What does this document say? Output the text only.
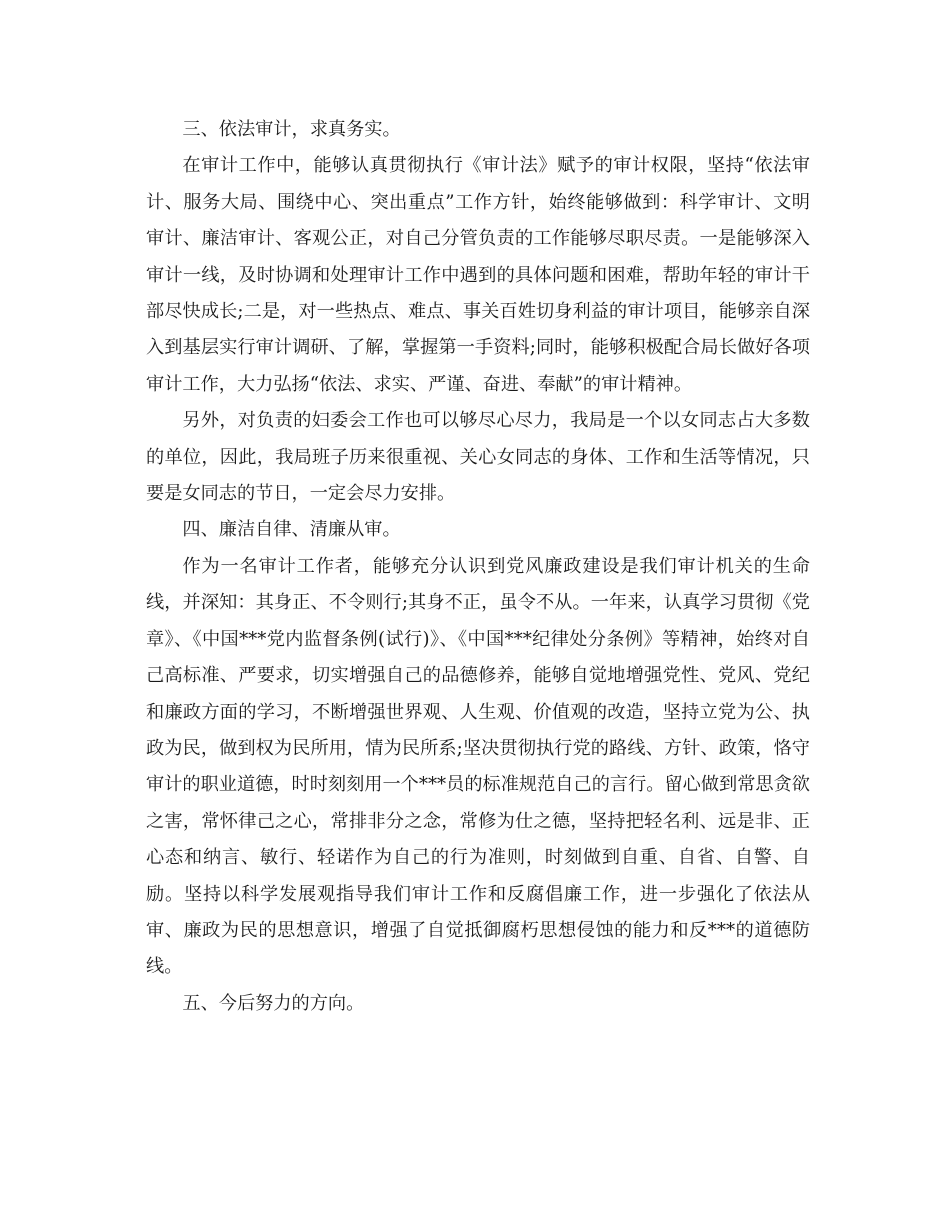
三、依法审计，求真务实。

在审计工作中，能够认真贯彻执行《审计法》赋予的审计权限，坚持“依法审计、服务大局、围绕中心、突出重点”工作方针，始终能够做到：科学审计、文明审计、廉洁审计、客观公正，对自己分管负责的工作能够尽职尽责。一是能够深入审计一线，及时协调和处理审计工作中遇到的具体问题和困难，帮助年轻的审计干部尽快成长;二是，对一些热点、难点、事关百姓切身利益的审计项目，能够亲自深入到基层实行审计调研、了解，掌握第一手资料;同时，能够积极配合局长做好各项审计工作，大力弘扬“依法、求实、严谨、奋进、奉献”的审计精神。

另外，对负责的妇委会工作也可以够尽心尽力，我局是一个以女同志占大多数的单位，因此，我局班子历来很重视、关心女同志的身体、工作和生活等情况，只要是女同志的节日，一定会尽力安排。

四、廉洁自律、清廉从审。

作为一名审计工作者，能够充分认识到党风廉政建设是我们审计机关的生命线，并深知：其身正、不令则行;其身不正，虽令不从。一年来，认真学习贯彻《党章》、《中国***党内监督条例(试行)》、《中国***纪律处分条例》等精神，始终对自己高标准、严要求，切实增强自己的品德修养，能够自觉地增强党性、党风、党纪和廉政方面的学习，不断增强世界观、人生观、价值观的改造，坚持立党为公、执政为民，做到权为民所用，情为民所系;坚决贯彻执行党的路线、方针、政策，恪守审计的职业道德，时时刻刻用一个***员的标准规范自己的言行。留心做到常思贪欲之害，常怀律己之心，常排非分之念，常修为仕之德，坚持把轻名利、远是非、正心态和纳言、敏行、轻诺作为自己的行为准则，时刻做到自重、自省、自警、自励。坚持以科学发展观指导我们审计工作和反腐倡廉工作，进一步强化了依法从审、廉政为民的思想意识，增强了自觉抵御腐朽思想侵蚀的能力和反***的道德防线。

五、今后努力的方向。
